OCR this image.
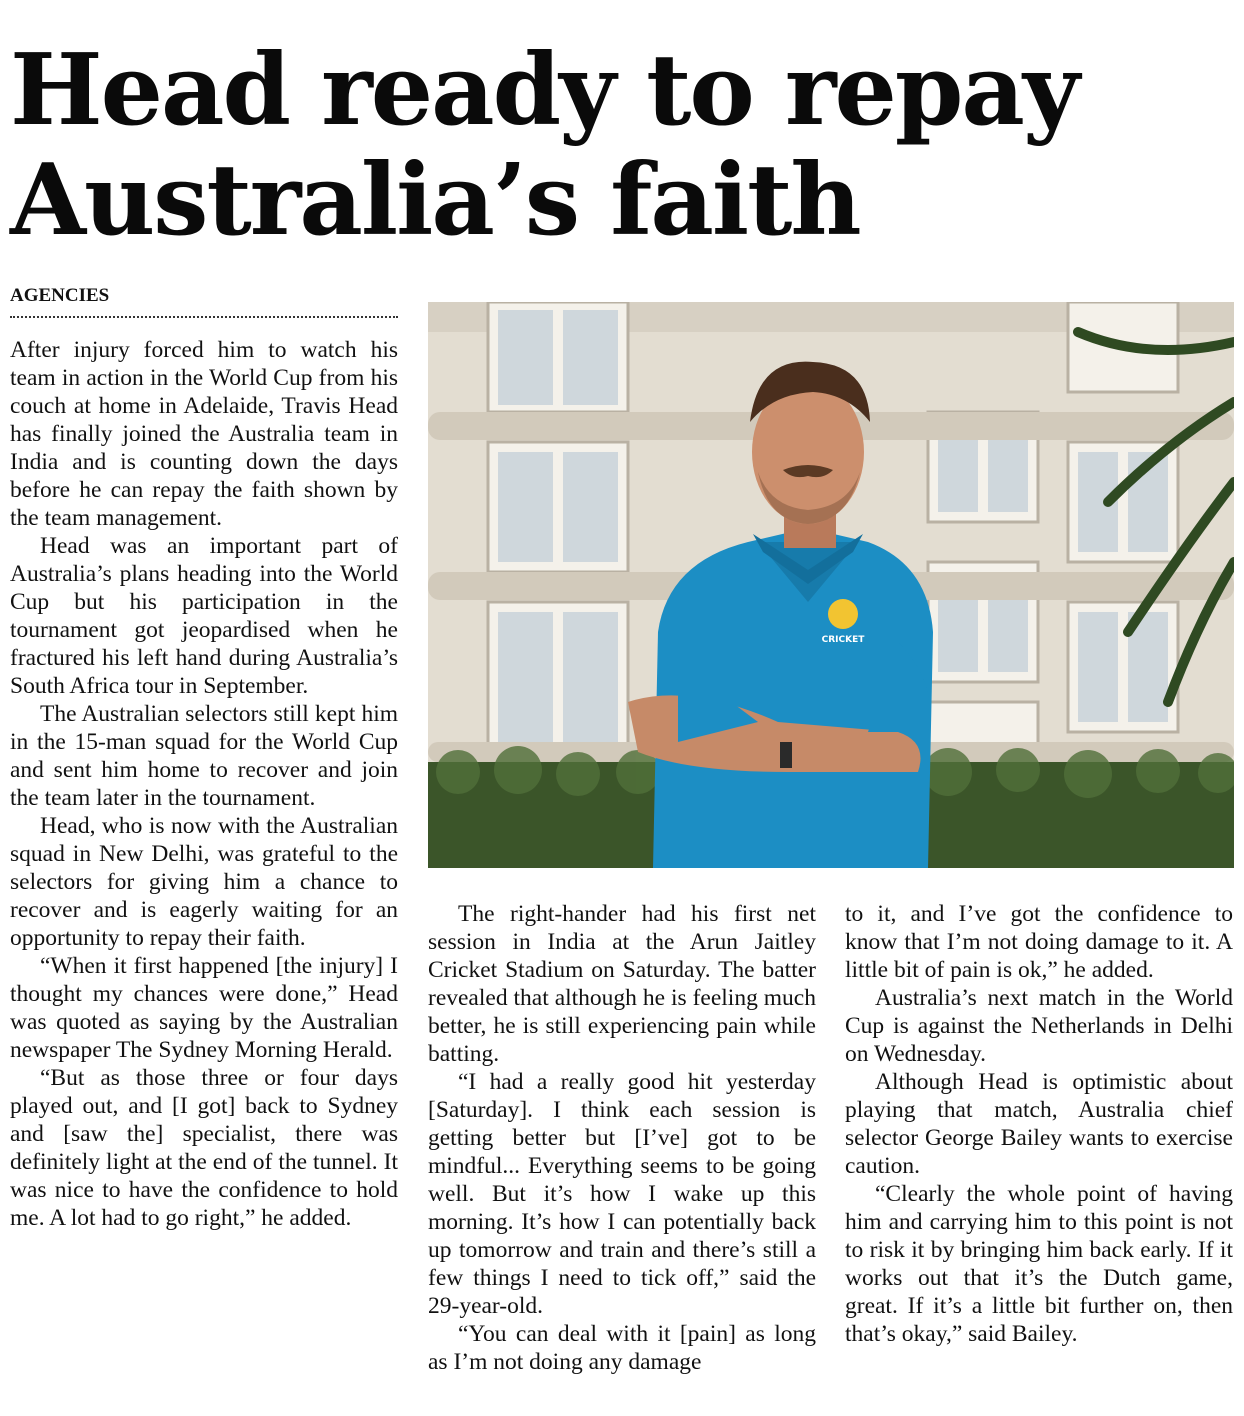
Head ready to repay
Australia’s faith
AGENCIES

After injury forced him to watch his team in action in the World Cup from his couch at home in Adelaide, Travis Head has finally joined the Australia team in India and is counting down the days before he can repay the faith shown by the team management.

Head was an important part of Australia’s plans heading into the World Cup but his participation in the tournament got jeopardised when he fractured his left hand during Australia’s South Africa tour in September.

The Australian selectors still kept him in the 15-man squad for the World Cup and sent him home to recover and join the team later in the tournament.

Head, who is now with the Australian squad in New Delhi, was grateful to the selectors for giving him a chance to recover and is eagerly waiting for an opportunity to repay their faith.

“When it first happened [the injury] I thought my chances were done,” Head was quoted as saying by the Australian newspaper The Sydney Morning Herald.

“But as those three or four days played out, and [I got] back to Sydney and [saw the] specialist, there was definitely light at the end of the tunnel. It was nice to have the confidence to hold me. A lot had to go right,” he added.

CRICKET

The right-hander had his first net session in India at the Arun Jaitley Cricket Stadium on Saturday. The batter revealed that although he is feeling much better, he is still experiencing pain while batting.

“I had a really good hit yesterday [Saturday]. I think each session is getting better but [I’ve] got to be mindful... Everything seems to be going well. But it’s how I wake up this morning. It’s how I can potentially back up tomorrow and train and there’s still a few things I need to tick off,” said the 29-year-old.

“You can deal with it [pain] as long as I’m not doing any damage

to it, and I’ve got the confidence to know that I’m not doing damage to it. A little bit of pain is ok,” he added.

Australia’s next match in the World Cup is against the Netherlands in Delhi on Wednesday.

Although Head is optimistic about playing that match, Australia chief selector George Bailey wants to exercise caution.

“Clearly the whole point of having him and carrying him to this point is not to risk it by bringing him back early. If it works out that it’s the Dutch game, great. If it’s a little bit further on, then that’s okay,” said Bailey.
